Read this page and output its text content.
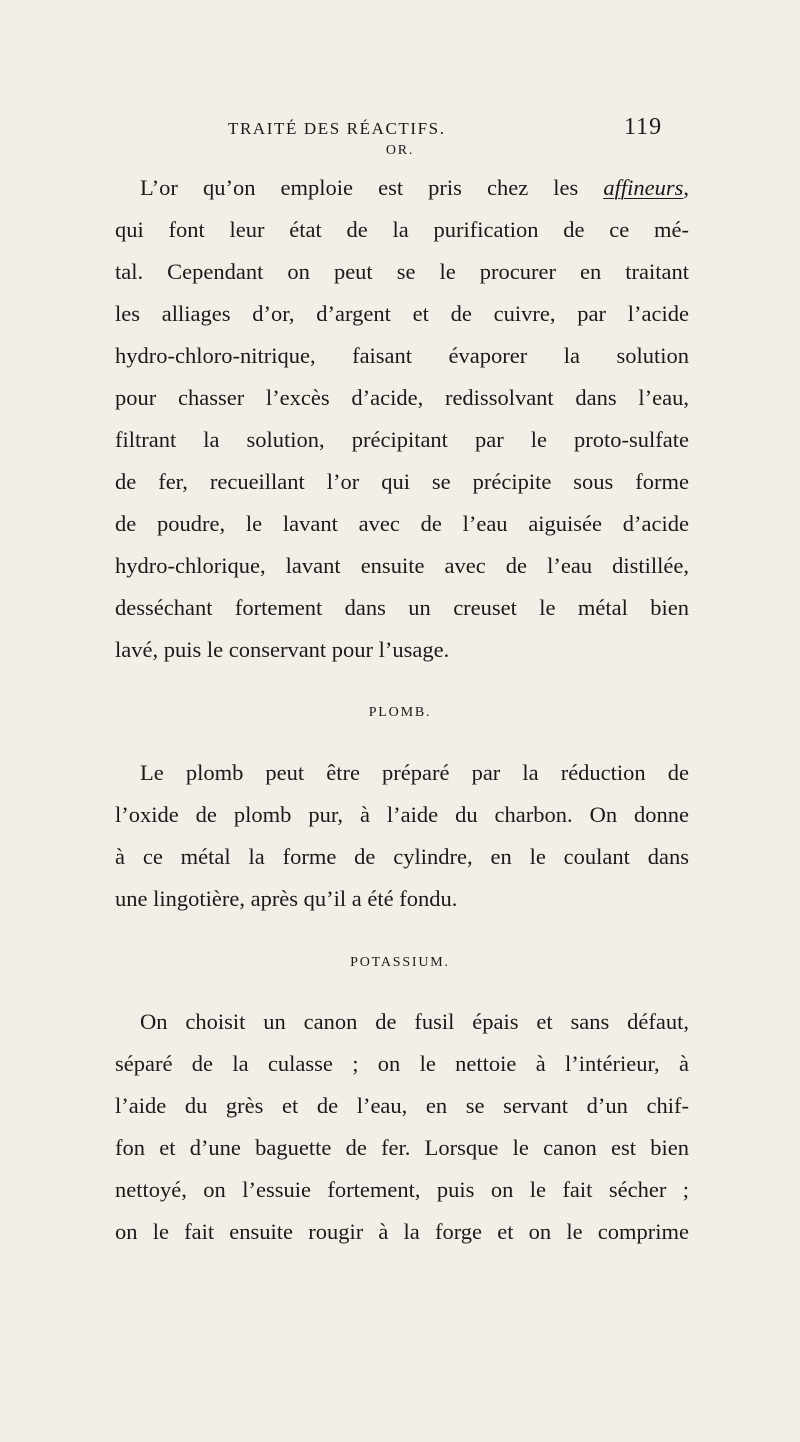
TRAITÉ DES RÉACTIFS.	119
OR.
L’or qu’on emploie est pris chez les affineurs,
qui font leur état de la purification de ce mé-
tal. Cependant on peut se le procurer en traitant
les alliages d’or, d’argent et de cuivre, par l’acide
hydro-chloro-nitrique, faisant évaporer la solution
pour chasser l’excès d’acide, redissolvant dans l’eau,
filtrant la solution, précipitant par le proto-sulfate
de fer, recueillant l’or qui se précipite sous forme
de poudre, le lavant avec de l’eau aiguisée d’acide
hydro-chlorique, lavant ensuite avec de l’eau distillée,
desséchant fortement dans un creuset le métal bien
lavé, puis le conservant pour l’usage.
PLOMB.
Le plomb peut être préparé par la réduction de
l’oxide de plomb pur, à l’aide du charbon. On donne
à ce métal la forme de cylindre, en le coulant dans
une lingotière, après qu’il a été fondu.
POTASSIUM.
On choisit un canon de fusil épais et sans défaut,
séparé de la culasse ; on le nettoie à l’intérieur, à
l’aide du grès et de l’eau, en se servant d’un chif-
fon et d’une baguette de fer. Lorsque le canon est bien
nettoyé, on l’essuie fortement, puis on le fait sécher ;
on le fait ensuite rougir à la forge et on le comprime
